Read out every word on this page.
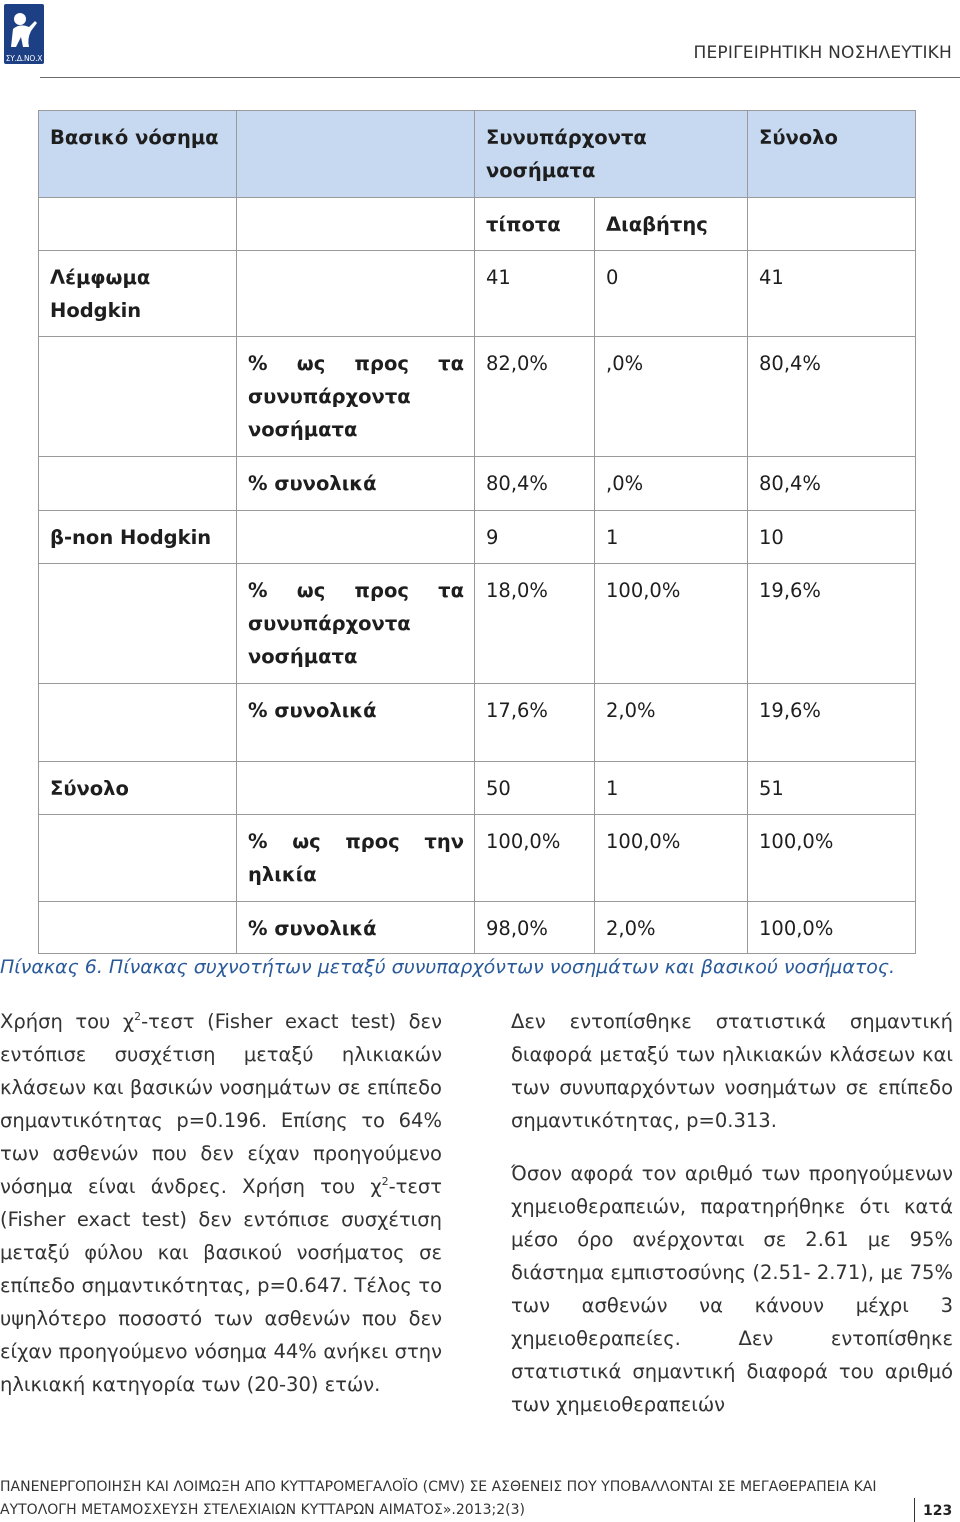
ΣΥ.Δ.ΝΟ.Χ	ΠΕΡΙΓΕΙΡΗΤΙΚΗ ΝΟΣΗΛΕΥΤΙΚΗ
Βασικό νόσημα		Συνυπάρχοντα νοσήματα		Σύνολο
		τίποτα	Διαβήτης	
Λέμφωμα Hodgkin		41	0	41
	% ως προς τα συνυπάρχοντα νοσήματα	82,0%	,0%	80,4%
	% συνολικά	80,4%	,0%	80,4%
β-non Hodgkin		9	1	10
	% ως προς τα συνυπάρχοντα νοσήματα	18,0%	100,0%	19,6%
	% συνολικά	17,6%	2,0%	19,6%
Σύνολο		50	1	51
	% ως προς την ηλικία	100,0%	100,0%	100,0%
	% συνολικά	98,0%	2,0%	100,0%
Πίνακας 6. Πίνακας συχνοτήτων μεταξύ συνυπαρχόντων νοσημάτων και βασικού νοσήματος.

Χρήση του $\chi^2$-τεστ (Fisher exact test) δεν εντόπισε συσχέτιση μεταξύ ηλικιακών κλάσεων και βασικών νοσημάτων σε επίπεδο σημαντικότητας p=0.196. Επίσης το 64% των ασθενών που δεν είχαν προηγούμενο νόσημα είναι άνδρες. Χρήση του $\chi^2$-τεστ (Fisher exact test) δεν εντόπισε συσχέτιση μεταξύ φύλου και βασικού νοσήματος σε επίπεδο σημαντικότητας, p=0.647. Τέλος το υψηλότερο ποσοστό των ασθενών που δεν είχαν προηγούμενο νόσημα 44% ανήκει στην ηλικιακή κατηγορία των (20-30) ετών.

Δεν εντοπίσθηκε στατιστικά σημαντική διαφορά μεταξύ των ηλικιακών κλάσεων και των συνυπαρχόντων νοσημάτων σε επίπεδο σημαντικότητας, p=0.313.

Όσον αφορά τον αριθμό των προηγούμενων χημειοθεραπειών, παρατηρήθηκε ότι κατά μέσο όρο ανέρχονται σε 2.61 με 95% διάστημα εμπιστοσύνης (2.51- 2.71), με 75% των ασθενών να κάνουν μέχρι 3 χημειοθεραπείες. Δεν εντοπίσθηκε στατιστικά σημαντική διαφορά του αριθμό των χημειοθεραπειών

ΠΑΝΕΝΕΡΓΟΠΟΙΗΣΗ ΚΑΙ ΛΟΙΜΩΞΗ ΑΠΟ ΚΥΤΤΑΡΟΜΕΓΑΛΟΪΟ (CMV) ΣΕ ΑΣΘΕΝΕΙΣ ΠΟΥ ΥΠΟΒΑΛΛΟΝΤΑΙ ΣΕ ΜΕΓΑΘΕΡΑΠΕΙΑ ΚΑΙ
ΑΥΤΟΛΟΓΗ ΜΕΤΑΜΟΣΧΕΥΣΗ ΣΤΕΛΕΧΙΑΙΩΝ ΚΥΤΤΑΡΩΝ ΑΙΜΑΤΟΣ».2013;2(3)	123
